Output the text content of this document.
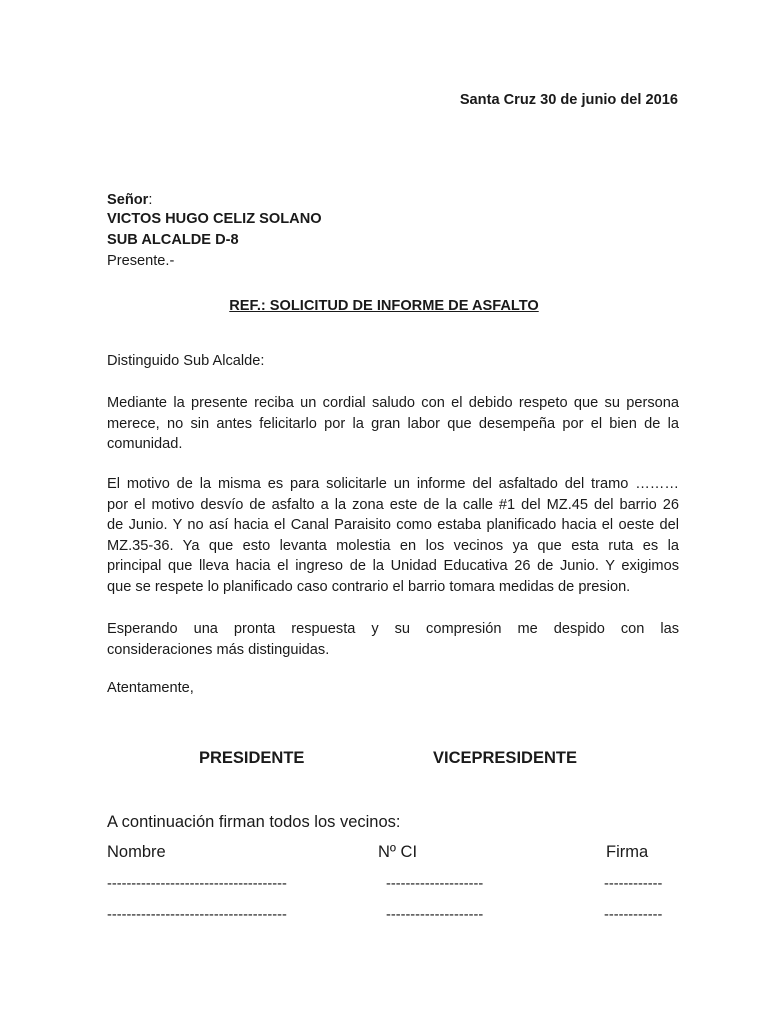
Santa Cruz 30 de junio del 2016
Señor:
VICTOS HUGO CELIZ SOLANO
SUB ALCALDE D-8
Presente.-
REF.: SOLICITUD DE INFORME DE ASFALTO
Distinguido Sub Alcalde:
Mediante la presente reciba un cordial saludo con el debido respeto que su persona
merece, no sin antes felicitarlo por la gran labor que desempeña por el bien de la
comunidad.
El motivo de la misma es para solicitarle un informe del asfaltado del tramo ………
por el motivo desvío de asfalto a la zona este de la calle #1 del MZ.45 del barrio 26
de Junio. Y no así hacia el Canal Paraisito como estaba planificado hacia el oeste del
MZ.35-36. Ya que esto levanta molestia en los vecinos ya que esta ruta es la
principal que lleva hacia el ingreso de la Unidad Educativa 26 de Junio. Y exigimos
que se respete lo planificado caso contrario el barrio tomara medidas de presion.
Esperando una pronta respuesta y su compresión me despido con las
consideraciones más distinguidas.
Atentamente,
PRESIDENTE	VICEPRESIDENTE
A continuación firman todos los vecinos:
Nombre	Nº CI	Firma
-------------------------------------	--------------------	------------
-------------------------------------	--------------------	------------
